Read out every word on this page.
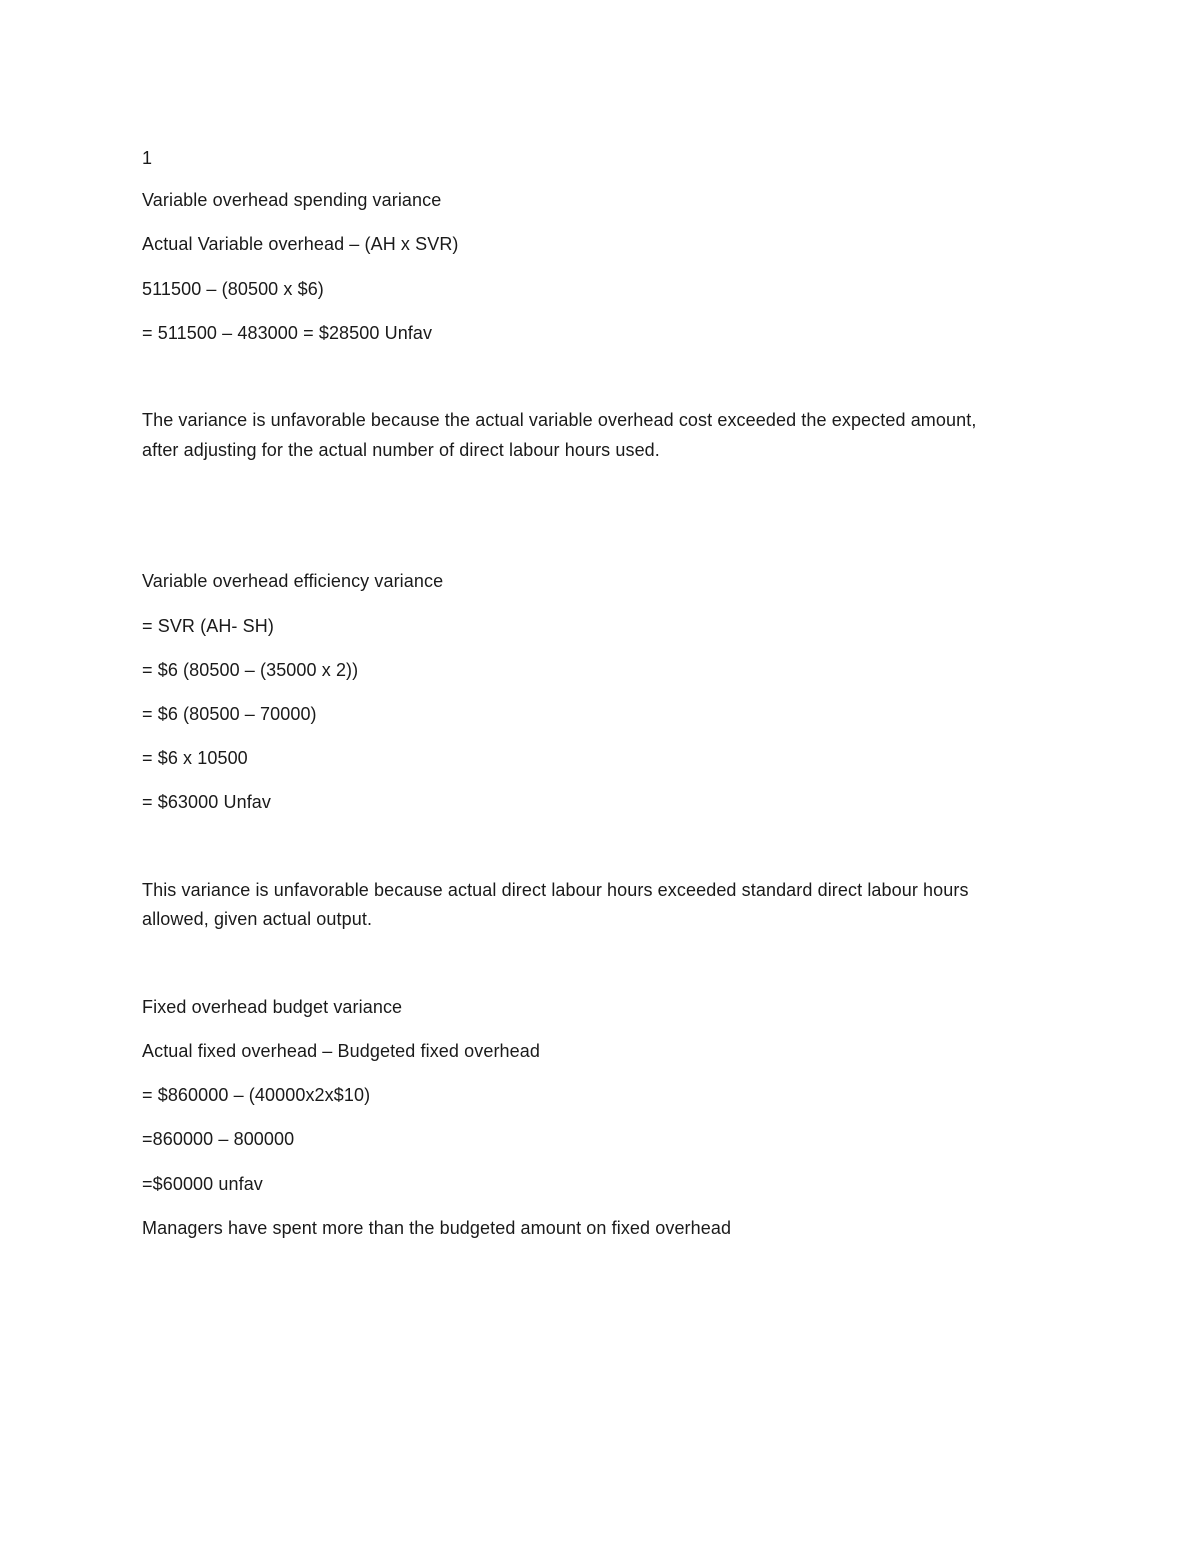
1
Variable overhead spending variance
Actual Variable overhead – (AH x SVR)
511500 – (80500 x $6)
= 511500 – 483000 = $28500 Unfav
The variance is unfavorable because the actual variable overhead cost exceeded the expected amount,
after adjusting for the actual number of direct labour hours used.
Variable overhead efficiency variance
= SVR (AH- SH)
= $6 (80500 – (35000 x 2))
= $6 (80500 – 70000)
= $6 x 10500
= $63000 Unfav
This variance is unfavorable because actual direct labour hours exceeded standard direct labour hours
allowed, given actual output.
Fixed overhead budget variance
Actual fixed overhead – Budgeted fixed overhead
= $860000 – (40000x2x$10)
=860000 – 800000
=$60000 unfav
Managers have spent more than the budgeted amount on fixed overhead
